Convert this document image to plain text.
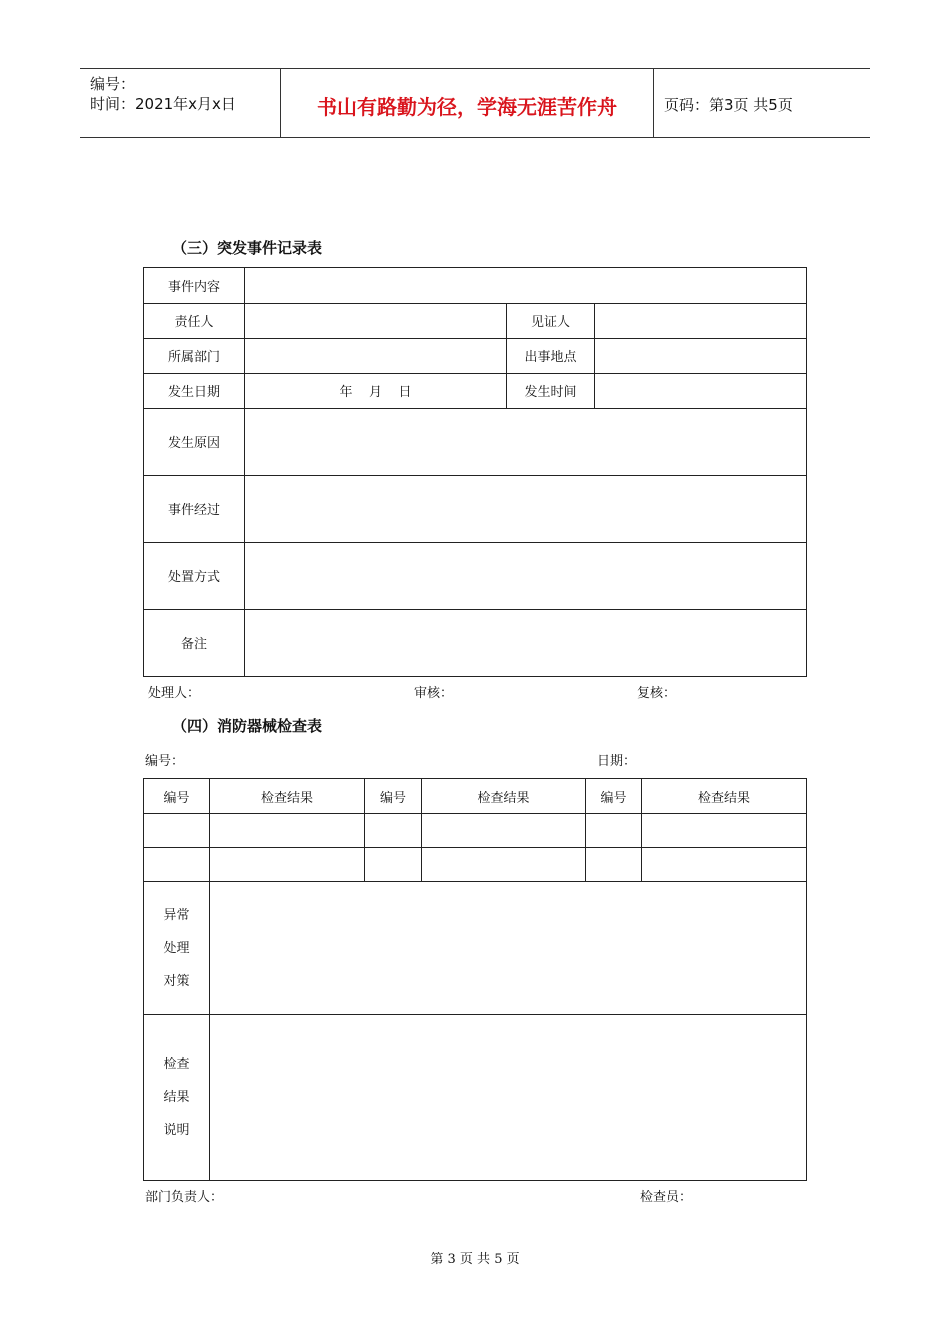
编号：
时间：2021年x月x日	书山有路勤为径，学海无涯苦作舟	页码：第3页 共5页
（三）突发事件记录表
事件内容
责任人	见证人
所属部门	出事地点
发生日期	年    月    日	发生时间
发生原因
事件经过
处置方式
备注
处理人：	审核：	复核：
（四）消防器械检查表
编号：	日期：
编号	检查结果	编号	检查结果	编号	检查结果
异常
处理
对策
检查
结果
说明
部门负责人：	检查员：
第 3 页 共 5 页
